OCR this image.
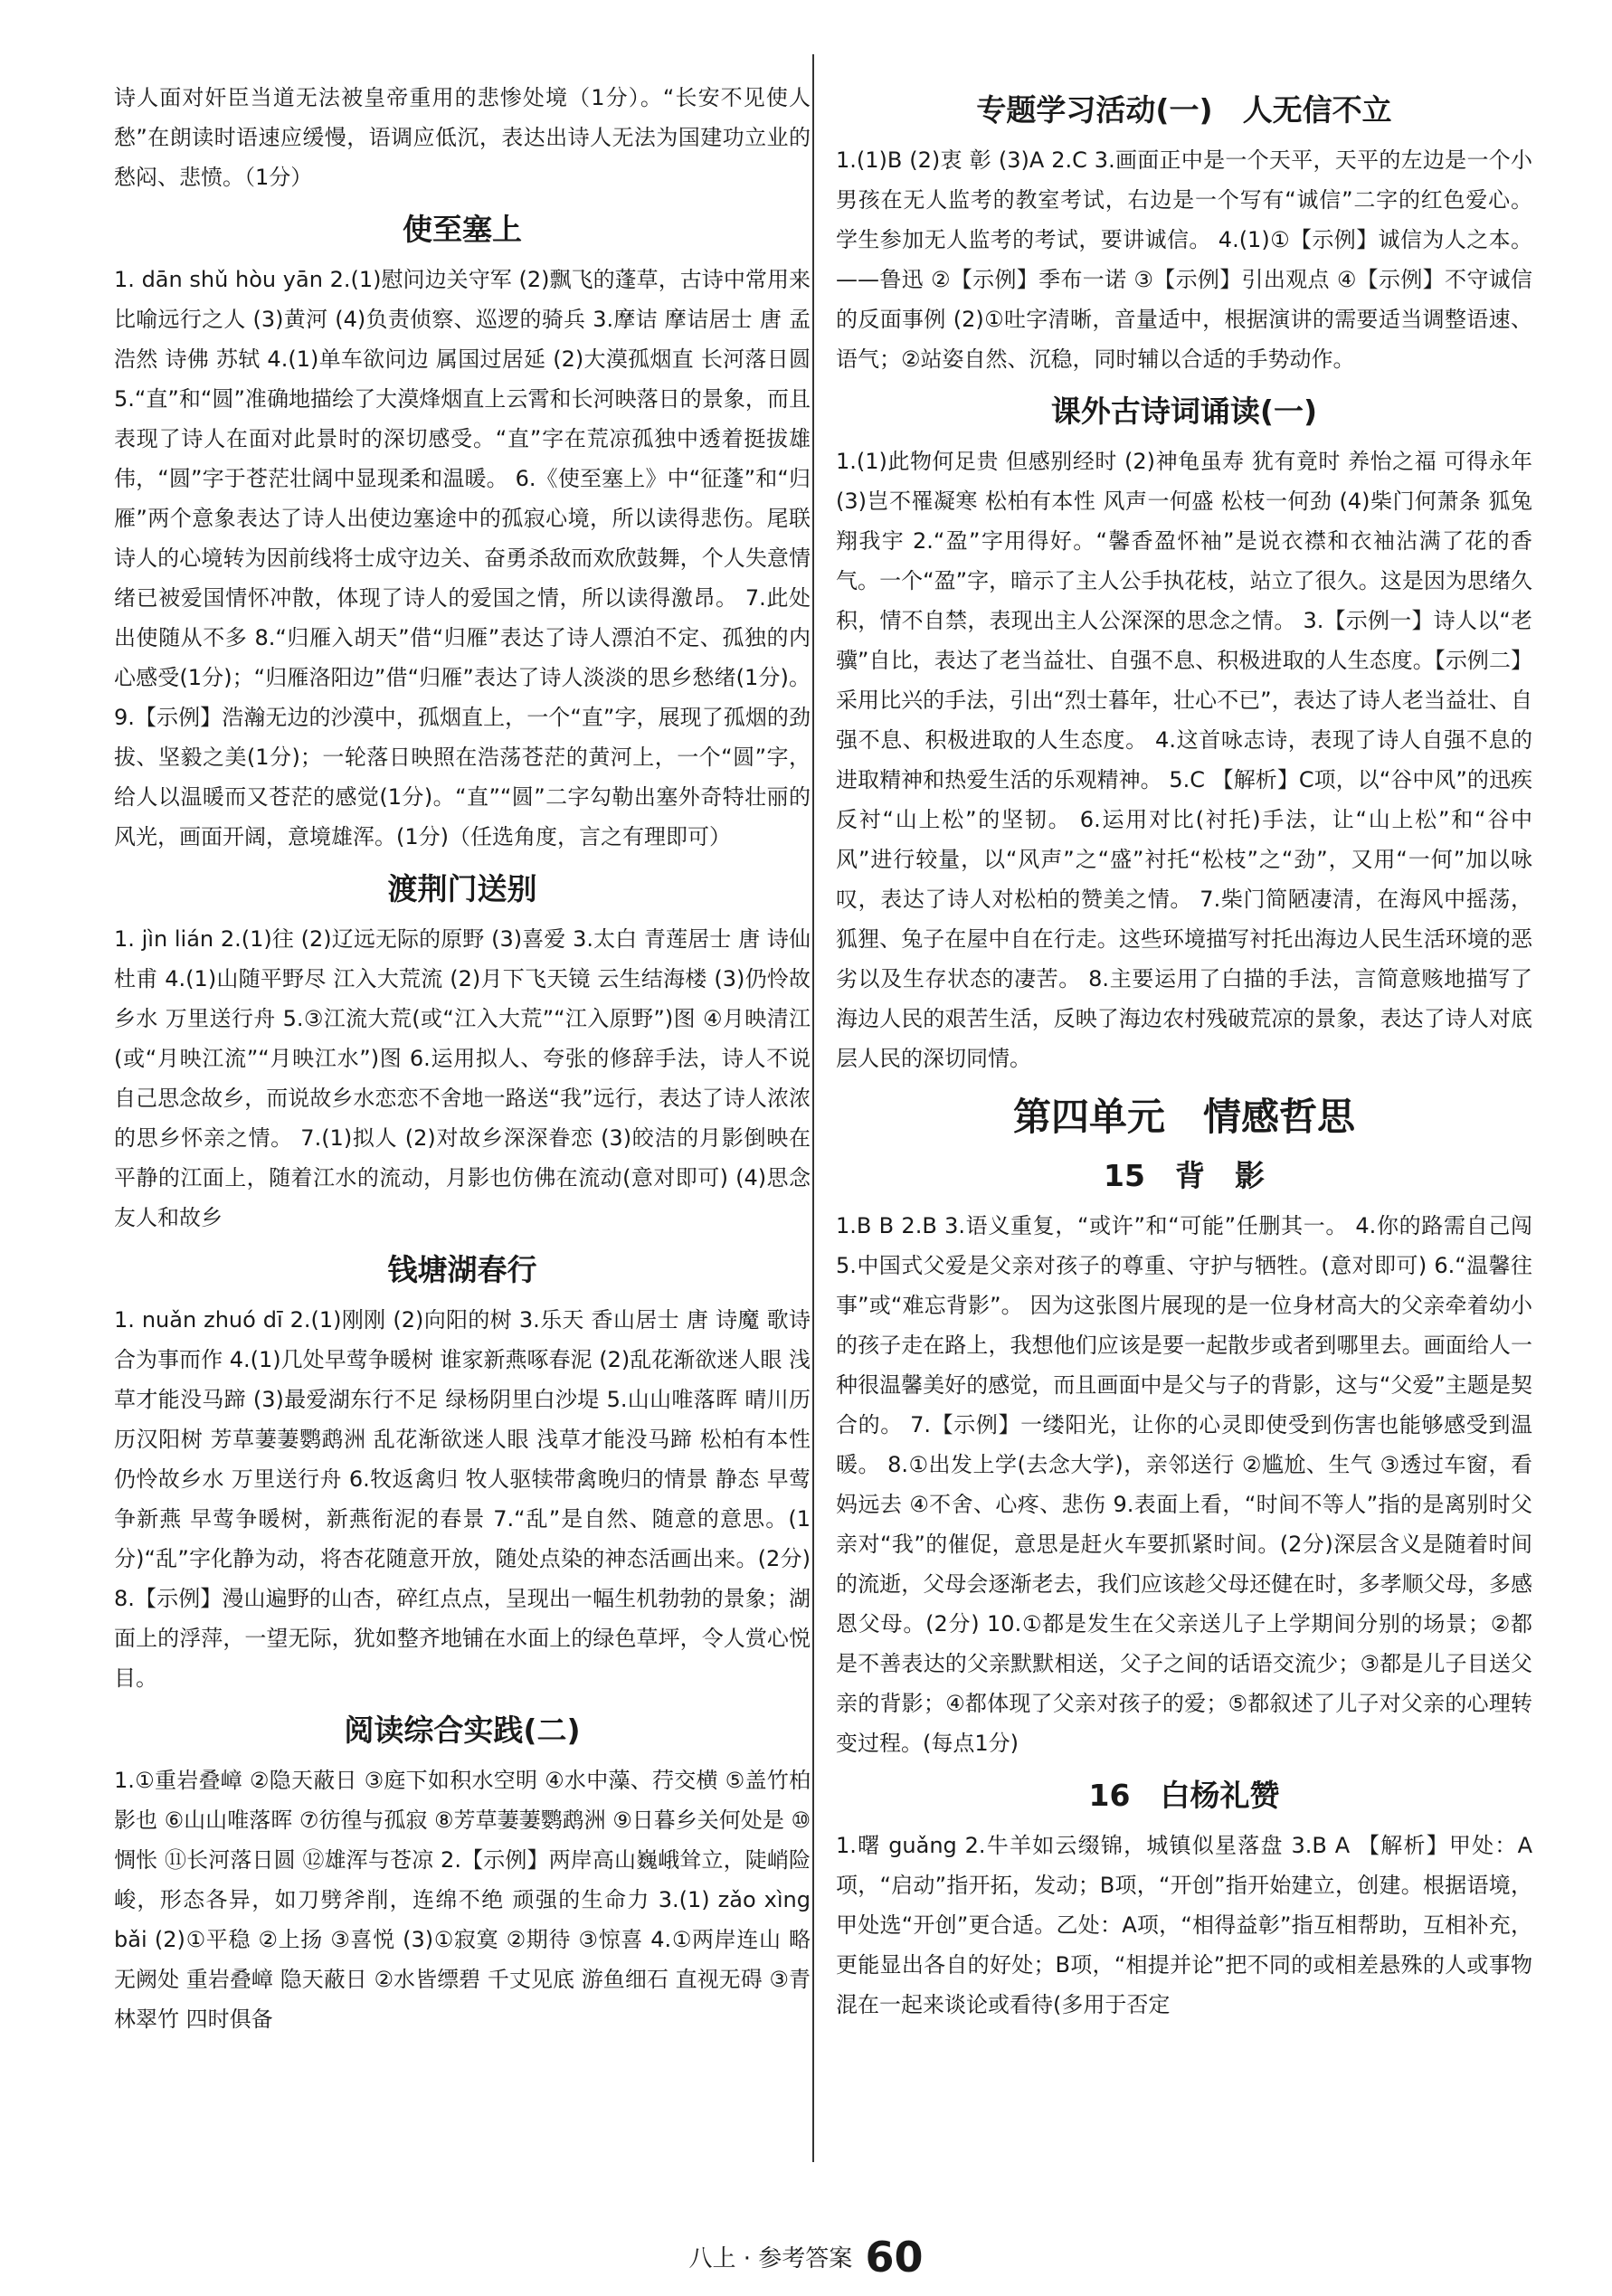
诗人面对奸臣当道无法被皇帝重用的悲惨处境（1分）。“长安不见使人愁”在朗读时语速应缓慢，语调应低沉，表达出诗人无法为国建功立业的愁闷、悲愤。（1分）

使至塞上

1. dān shǔ hòu yān 2.(1)慰问边关守军 (2)飘飞的蓬草，古诗中常用来比喻远行之人 (3)黄河 (4)负责侦察、巡逻的骑兵 3.摩诘 摩诘居士 唐 孟浩然 诗佛 苏轼 4.(1)单车欲问边 属国过居延 (2)大漠孤烟直 长河落日圆 5.“直”和“圆”准确地描绘了大漠烽烟直上云霄和长河映落日的景象，而且表现了诗人在面对此景时的深切感受。“直”字在荒凉孤独中透着挺拔雄伟，“圆”字于苍茫壮阔中显现柔和温暖。 6.《使至塞上》中“征蓬”和“归雁”两个意象表达了诗人出使边塞途中的孤寂心境，所以读得悲伤。尾联诗人的心境转为因前线将士成守边关、奋勇杀敌而欢欣鼓舞，个人失意情绪已被爱国情怀冲散，体现了诗人的爱国之情，所以读得激昂。 7.此处出使随从不多 8.“归雁入胡天”借“归雁”表达了诗人漂泊不定、孤独的内心感受(1分)；“归雁洛阳边”借“归雁”表达了诗人淡淡的思乡愁绪(1分)。 9.【示例】浩瀚无边的沙漠中，孤烟直上，一个“直”字，展现了孤烟的劲拔、坚毅之美(1分)；一轮落日映照在浩荡苍茫的黄河上，一个“圆”字，给人以温暖而又苍茫的感觉(1分)。“直”“圆”二字勾勒出塞外奇特壮丽的风光，画面开阔，意境雄浑。(1分)（任选角度，言之有理即可）

渡荆门送别

1. jìn lián 2.(1)往 (2)辽远无际的原野 (3)喜爱 3.太白 青莲居士 唐 诗仙 杜甫 4.(1)山随平野尽 江入大荒流 (2)月下飞天镜 云生结海楼 (3)仍怜故乡水 万里送行舟 5.③江流大荒(或“江入大荒”“江入原野”)图 ④月映清江(或“月映江流”“月映江水”)图 6.运用拟人、夸张的修辞手法，诗人不说自己思念故乡，而说故乡水恋恋不舍地一路送“我”远行，表达了诗人浓浓的思乡怀亲之情。 7.(1)拟人 (2)对故乡深深眷恋 (3)皎洁的月影倒映在平静的江面上，随着江水的流动，月影也仿佛在流动(意对即可) (4)思念友人和故乡

钱塘湖春行

1. nuǎn zhuó dī 2.(1)刚刚 (2)向阳的树 3.乐天 香山居士 唐 诗魔 歌诗合为事而作 4.(1)几处早莺争暖树 谁家新燕啄春泥 (2)乱花渐欲迷人眼 浅草才能没马蹄 (3)最爱湖东行不足 绿杨阴里白沙堤 5.山山唯落晖 晴川历历汉阳树 芳草萋萋鹦鹉洲 乱花渐欲迷人眼 浅草才能没马蹄 松柏有本性 仍怜故乡水 万里送行舟 6.牧返禽归 牧人驱犊带禽晚归的情景 静态 早莺争新燕 早莺争暖树，新燕衔泥的春景 7.“乱”是自然、随意的意思。(1分)“乱”字化静为动，将杏花随意开放，随处点染的神态活画出来。(2分) 8.【示例】漫山遍野的山杏，碎红点点，呈现出一幅生机勃勃的景象；湖面上的浮萍，一望无际，犹如整齐地铺在水面上的绿色草坪，令人赏心悦目。

阅读综合实践(二)

1.①重岩叠嶂 ②隐天蔽日 ③庭下如积水空明 ④水中藻、荇交横 ⑤盖竹柏影也 ⑥山山唯落晖 ⑦彷徨与孤寂 ⑧芳草萋萋鹦鹉洲 ⑨日暮乡关何处是 ⑩惆怅 ⑪长河落日圆 ⑫雄浑与苍凉 2.【示例】两岸高山巍峨耸立，陡峭险峻，形态各异，如刀劈斧削，连绵不绝 顽强的生命力 3.(1) zǎo xìng bǎi (2)①平稳 ②上扬 ③喜悦 (3)①寂寞 ②期待 ③惊喜 4.①两岸连山 略无阙处 重岩叠嶂 隐天蔽日 ②水皆缥碧 千丈见底 游鱼细石 直视无碍 ③青林翠竹 四时俱备

专题学习活动(一)　人无信不立

1.(1)B (2)衷 彰 (3)A 2.C 3.画面正中是一个天平，天平的左边是一个小男孩在无人监考的教室考试，右边是一个写有“诚信”二字的红色爱心。 学生参加无人监考的考试，要讲诚信。 4.(1)①【示例】诚信为人之本。——鲁迅 ②【示例】季布一诺 ③【示例】引出观点 ④【示例】不守诚信的反面事例 (2)①吐字清晰，音量适中，根据演讲的需要适当调整语速、语气；②站姿自然、沉稳，同时辅以合适的手势动作。

课外古诗词诵读(一)

1.(1)此物何足贵 但感别经时 (2)神龟虽寿 犹有竟时 养怡之福 可得永年 (3)岂不罹凝寒 松柏有本性 风声一何盛 松枝一何劲 (4)柴门何萧条 狐兔翔我宇 2.“盈”字用得好。“馨香盈怀袖”是说衣襟和衣袖沾满了花的香气。一个“盈”字，暗示了主人公手执花枝，站立了很久。这是因为思绪久积，情不自禁，表现出主人公深深的思念之情。 3.【示例一】诗人以“老骥”自比，表达了老当益壮、自强不息、积极进取的人生态度。【示例二】采用比兴的手法，引出“烈士暮年，壮心不已”，表达了诗人老当益壮、自强不息、积极进取的人生态度。 4.这首咏志诗，表现了诗人自强不息的进取精神和热爱生活的乐观精神。 5.C 【解析】C项，以“谷中风”的迅疾反衬“山上松”的坚韧。 6.运用对比(衬托)手法，让“山上松”和“谷中风”进行较量，以“风声”之“盛”衬托“松枝”之“劲”，又用“一何”加以咏叹，表达了诗人对松柏的赞美之情。 7.柴门简陋凄清，在海风中摇荡，狐狸、兔子在屋中自在行走。这些环境描写衬托出海边人民生活环境的恶劣以及生存状态的凄苦。 8.主要运用了白描的手法，言简意赅地描写了海边人民的艰苦生活，反映了海边农村残破荒凉的景象，表达了诗人对底层人民的深切同情。

第四单元　情感哲思
15　背　影

1.B B 2.B 3.语义重复，“或许”和“可能”任删其一。 4.你的路需自己闯 5.中国式父爱是父亲对孩子的尊重、守护与牺牲。(意对即可) 6.“温馨往事”或“难忘背影”。 因为这张图片展现的是一位身材高大的父亲牵着幼小的孩子走在路上，我想他们应该是要一起散步或者到哪里去。画面给人一种很温馨美好的感觉，而且画面中是父与子的背影，这与“父爱”主题是契合的。 7.【示例】一缕阳光，让你的心灵即使受到伤害也能够感受到温暖。 8.①出发上学(去念大学)，亲邻送行 ②尴尬、生气 ③透过车窗，看妈远去 ④不舍、心疼、悲伤 9.表面上看，“时间不等人”指的是离别时父亲对“我”的催促，意思是赶火车要抓紧时间。(2分)深层含义是随着时间的流逝，父母会逐渐老去，我们应该趁父母还健在时，多孝顺父母，多感恩父母。(2分) 10.①都是发生在父亲送儿子上学期间分别的场景；②都是不善表达的父亲默默相送，父子之间的话语交流少；③都是儿子目送父亲的背影；④都体现了父亲对孩子的爱；⑤都叙述了儿子对父亲的心理转变过程。(每点1分)

16　白杨礼赞

1.曙 guǎng 2.牛羊如云缀锦，城镇似星落盘 3.B A 【解析】甲处：A项，“启动”指开拓，发动；B项，“开创”指开始建立，创建。根据语境，甲处选“开创”更合适。乙处：A项，“相得益彰”指互相帮助，互相补充，更能显出各自的好处；B项，“相提并论”把不同的或相差悬殊的人或事物混在一起来谈论或看待(多用于否定

八上 · 参考答案 60
